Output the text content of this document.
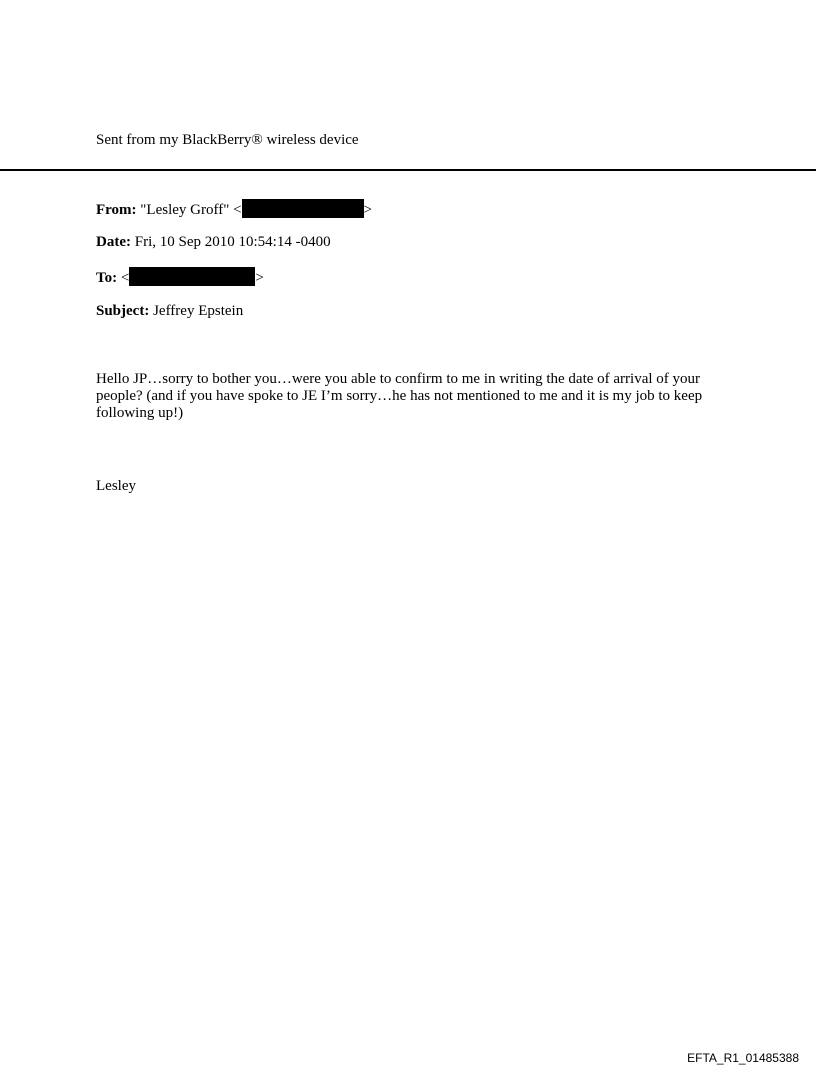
Sent from my BlackBerry® wireless device
From: "Lesley Groff" <	>
Date: Fri, 10 Sep 2010 10:54:14 -0400
To: <	>
Subject: Jeffrey Epstein
Hello JP…sorry to bother you…were you able to confirm to me in writing the date of arrival of your people? (and if you have spoke to JE I’m sorry…he has not mentioned to me and it is my job to keep following up!)
Lesley
EFTA_R1_01485388
